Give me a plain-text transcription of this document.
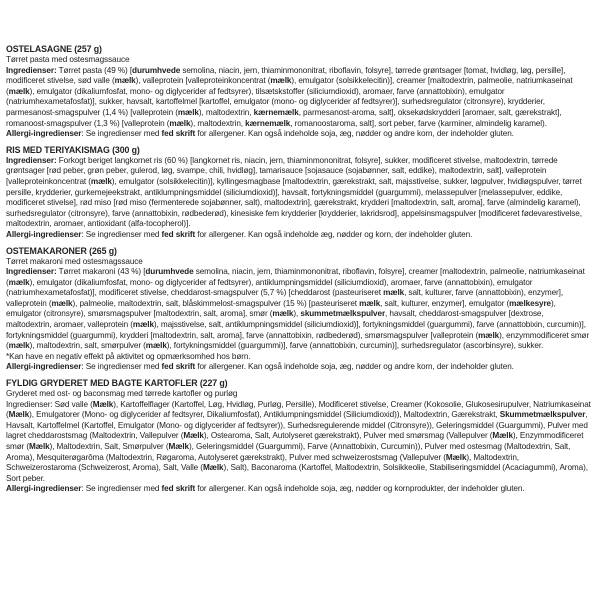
OSTELASAGNE (257 g)
Tørret pasta med ostesmagssauce

Ingredienser: Tørret pasta (49 %) [durumhvede semolina, niacin, jern, thiaminmononitrat, riboflavin, folsyre], tørrede grøntsager [tomat, hvidløg, løg, persille], modificeret stivelse, sød valle (mælk), valleprotein [valleproteinkoncentrat (mælk), emulgator (solsikkelecitin)], creamer [maltodextrin, palmeolie, natriumkaseinat (mælk), emulgator (dikaliumfosfat, mono- og diglycerider af fedtsyrer), tilsætskstoffer (siliciumdioxid), aromaer, farve (annattobixin), emulgator (natriumhexametafosfat)], sukker, havsalt, kartoffelmel [kartoffel, emulgator (mono- og diglycerider af fedtsyrer)], surhedsregulator (citronsyre), krydderier, parmesanost-smagspulver (1,4 %) [valleprotein (mælk), maltodextrin, kærnemælk, parmesanost-aroma, salt], oksekødskrydderi [aromaer, salt, gærekstrakt], romanoost-smagspulver (1,3 %) [valleprotein (mælk), maltodextrin, kærnemælk, romanoostaroma, salt], sort peber, farve (karminer, almindelig karamel).

Allergi-ingredienser: Se ingredienser med fed skrift for allergener. Kan også indeholde soja, æg, nødder og andre korn, der indeholder gluten.

RIS MED TERIYAKISMAG (300 g)

Ingredienser: Forkogt beriget langkornet ris (60 %) [langkornet ris, niacin, jern, thiaminmononitrat, folsyre], sukker, modificeret stivelse, maltodextrin, tørrede grøntsager [rød peber, grøn peber, gulerod, løg, svampe, chili, hvidløg], tamarisauce [sojasauce (sojabønner, salt, eddike), maltodextrin, salt], valleprotein [valleproteinkoncentrat (mælk), emulgator (solsikkelecitin)], kyllingesmagbase [maltodextrin, gærekstrakt, salt, majsstivelse, sukker, løgpulver, hvidløgspulver, tørret persille, krydderier, gurkemejeekstrakt, antiklumpningsmiddel (siliciumdioxid)], havsalt, fortykningsmiddel (guargummi), melassepulver [melassepulver, eddike, modificeret stivelse], rød miso [rød miso (fermenterede sojabønner, salt), maltodextrin], gærekstrakt, krydderi [maltodextrin, salt, aroma], farve (almindelig karamel), surhedsregulator (citronsyre), farve (annattobixin, rødbederød), kinesiske fem krydderier [krydderier, lakridsrod], appelsinsmagspulver [modificeret fødevarestivelse, maltodextrin, aromaer, antioxidant (alfa-tocopherol)].

Allergi-ingredienser: Se ingredienser med fed skrift for allergener. Kan også indeholde æg, nødder og korn, der indeholder gluten.

OSTEMAKARONER (265 g)
Tørret makaroni med ostesmagssauce

Ingredienser: Tørret makaroni (43 %) [durumhvede semolina, niacin, jern, thiaminmononitrat, riboflavin, folsyre], creamer [maltodextrin, palmeolie, natriumkaseinat (mælk), emulgator (dikaliumfosfat, mono- og diglycerider af fedtsyrer), antiklumpningsmiddel (siliciumdioxid), aromaer, farve (annattobixin), emulgator (natriumhexametafosfat)], modificeret stivelse, cheddarost-smagspulver (5,7 %) [cheddarost (pasteuriseret mælk, salt, kulturer, farve (annattobixin), enzymer], valleprotein (mælk), palmeolie, maltodextrin, salt, blåskimmelost-smagspulver (15 %) [pasteuriseret mælk, salt, kulturer, enzymer], emulgator (mælkesyre), emulgator (citronsyre), smørsmagspulver [maltodextrin, salt, aroma], smør (mælk), skummetmælkspulver, havsalt, cheddarost-smagspulver [dextrose, maltodextrin, aromaer, valleprotein (mælk), majsstivelse, salt, antiklumpningsmiddel (siliciumdioxid)], fortykningsmiddel (guargummi), farve (annattobixin, curcumin)], fortykningsmiddel (guargummi), krydderi [maltodextrin, salt, aroma], farve (annattobixin, rødbederød), smørsmagspulver [valleprotein (mælk), enzymmodificeret smør (mælk), maltodextrin, salt, smørpulver (mælk), fortykningsmiddel (guargummi)], farve (annattobixin, curcumin)], surhedsregulator (ascorbinsyre), sukker.

*Kan have en negativ effekt på aktivitet og opmærksomhed hos børn.

Allergi-ingredienser: Se ingredienser med fed skrift for allergener. Kan også indeholde soja, æg, nødder og andre korn, der indeholder gluten.

FYLDIG GRYDERET MED BAGTE KARTOFLER (227 g)
Gryderet med ost- og baconsmag med tørrede kartofler og purløg

Ingredienser: Sød valle (Mælk), Kartoffelflager (Kartoffel, Løg, Hvidløg, Purløg, Persille), Modificeret stivelse, Creamer (Kokosolie, Glukosesirupulver, Natriumkaseinat (Mælk), Emulgatorer (Mono- og diglycerider af fedtsyrer, Dikaliumfosfat), Antiklumpningsmiddel (Siliciumdioxid)), Maltodextrin, Gærekstrakt, Skummetmælkspulver, Havsalt, Kartoffelmel (Kartoffel, Emulgator (Mono- og diglycerider af fedtsyrer)), Surhedsregulerende middel (Citronsyre)), Geleringsmiddel (Guargummi), Pulver med lagret cheddarostsmag (Maltodextrin, Vallepulver (Mælk), Ostearoma, Salt, Autolyseret gærekstrakt), Pulver med smørsmag (Vallepulver (Mælk), Enzymmodificeret smør (Mælk), Maltodextrin, Salt, Smørpulver (Mælk), Geleringsmiddel (Guargummi), Farve (Annattobixin, Curcumin)), Pulver med ostesmag (Maltodextrin, Salt, Aroma), Mesquiterøgarôma (Maltodextrin, Røgaroma, Autolyseret gærekstrakt), Pulver med schweizerostsmag (Vallepulver (Mælk), Maltodextrin, Schweizerostaroma (Schweizerost, Aroma), Salt, Valle (Mælk), Salt), Baconaroma (Kartoffel, Maltodextrin, Solsikkeolie, Stabiliseringsmiddel (Acaciagummi), Aroma), Sort peber.

Allergi-ingredienser: Se ingredienser med fed skrift for allergener. Kan også indeholde soja, æg, nødder og kornprodukter, der indeholder gluten.
